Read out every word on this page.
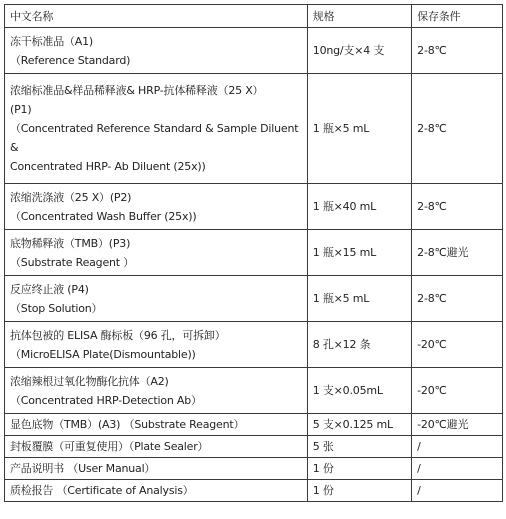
中文名称	规格	保存条件

冻干标准品（A1)
（Reference Standard)	10ng/支×4 支	2-8℃

浓缩标准品&样品稀释液& HRP-抗体稀释液（25 X）
(P1)
（Concentrated Reference Standard & Sample Diluent
&
Concentrated HRP- Ab Diluent (25x))	1 瓶×5 mL	2-8℃

浓缩洗涤液（25 X）(P2)
（Concentrated Wash Buffer (25x))	1 瓶×40 mL	2-8℃

底物稀释液（TMB）(P3)
（Substrate Reagent ）	1 瓶×15 mL	2-8℃避光

反应终止液 (P4)
（Stop Solution）	1 瓶×5 mL	2-8℃

抗体包被的 ELISA 酶标板（96 孔，可拆卸）
（MicroELISA Plate(Dismountable))	8 孔×12 条	-20℃

浓缩辣根过氧化物酶化抗体（A2)
（Concentrated HRP-Detection Ab）	1 支×0.05mL	-20℃

显色底物（TMB）(A3) （Substrate Reagent）	5 支×0.125 mL	-20℃避光

封板覆膜（可重复使用）（Plate Sealer）	5 张	/

产品说明书 （User Manual）	1 份	/

质检报告 （Certificate of Analysis）	1 份	/
